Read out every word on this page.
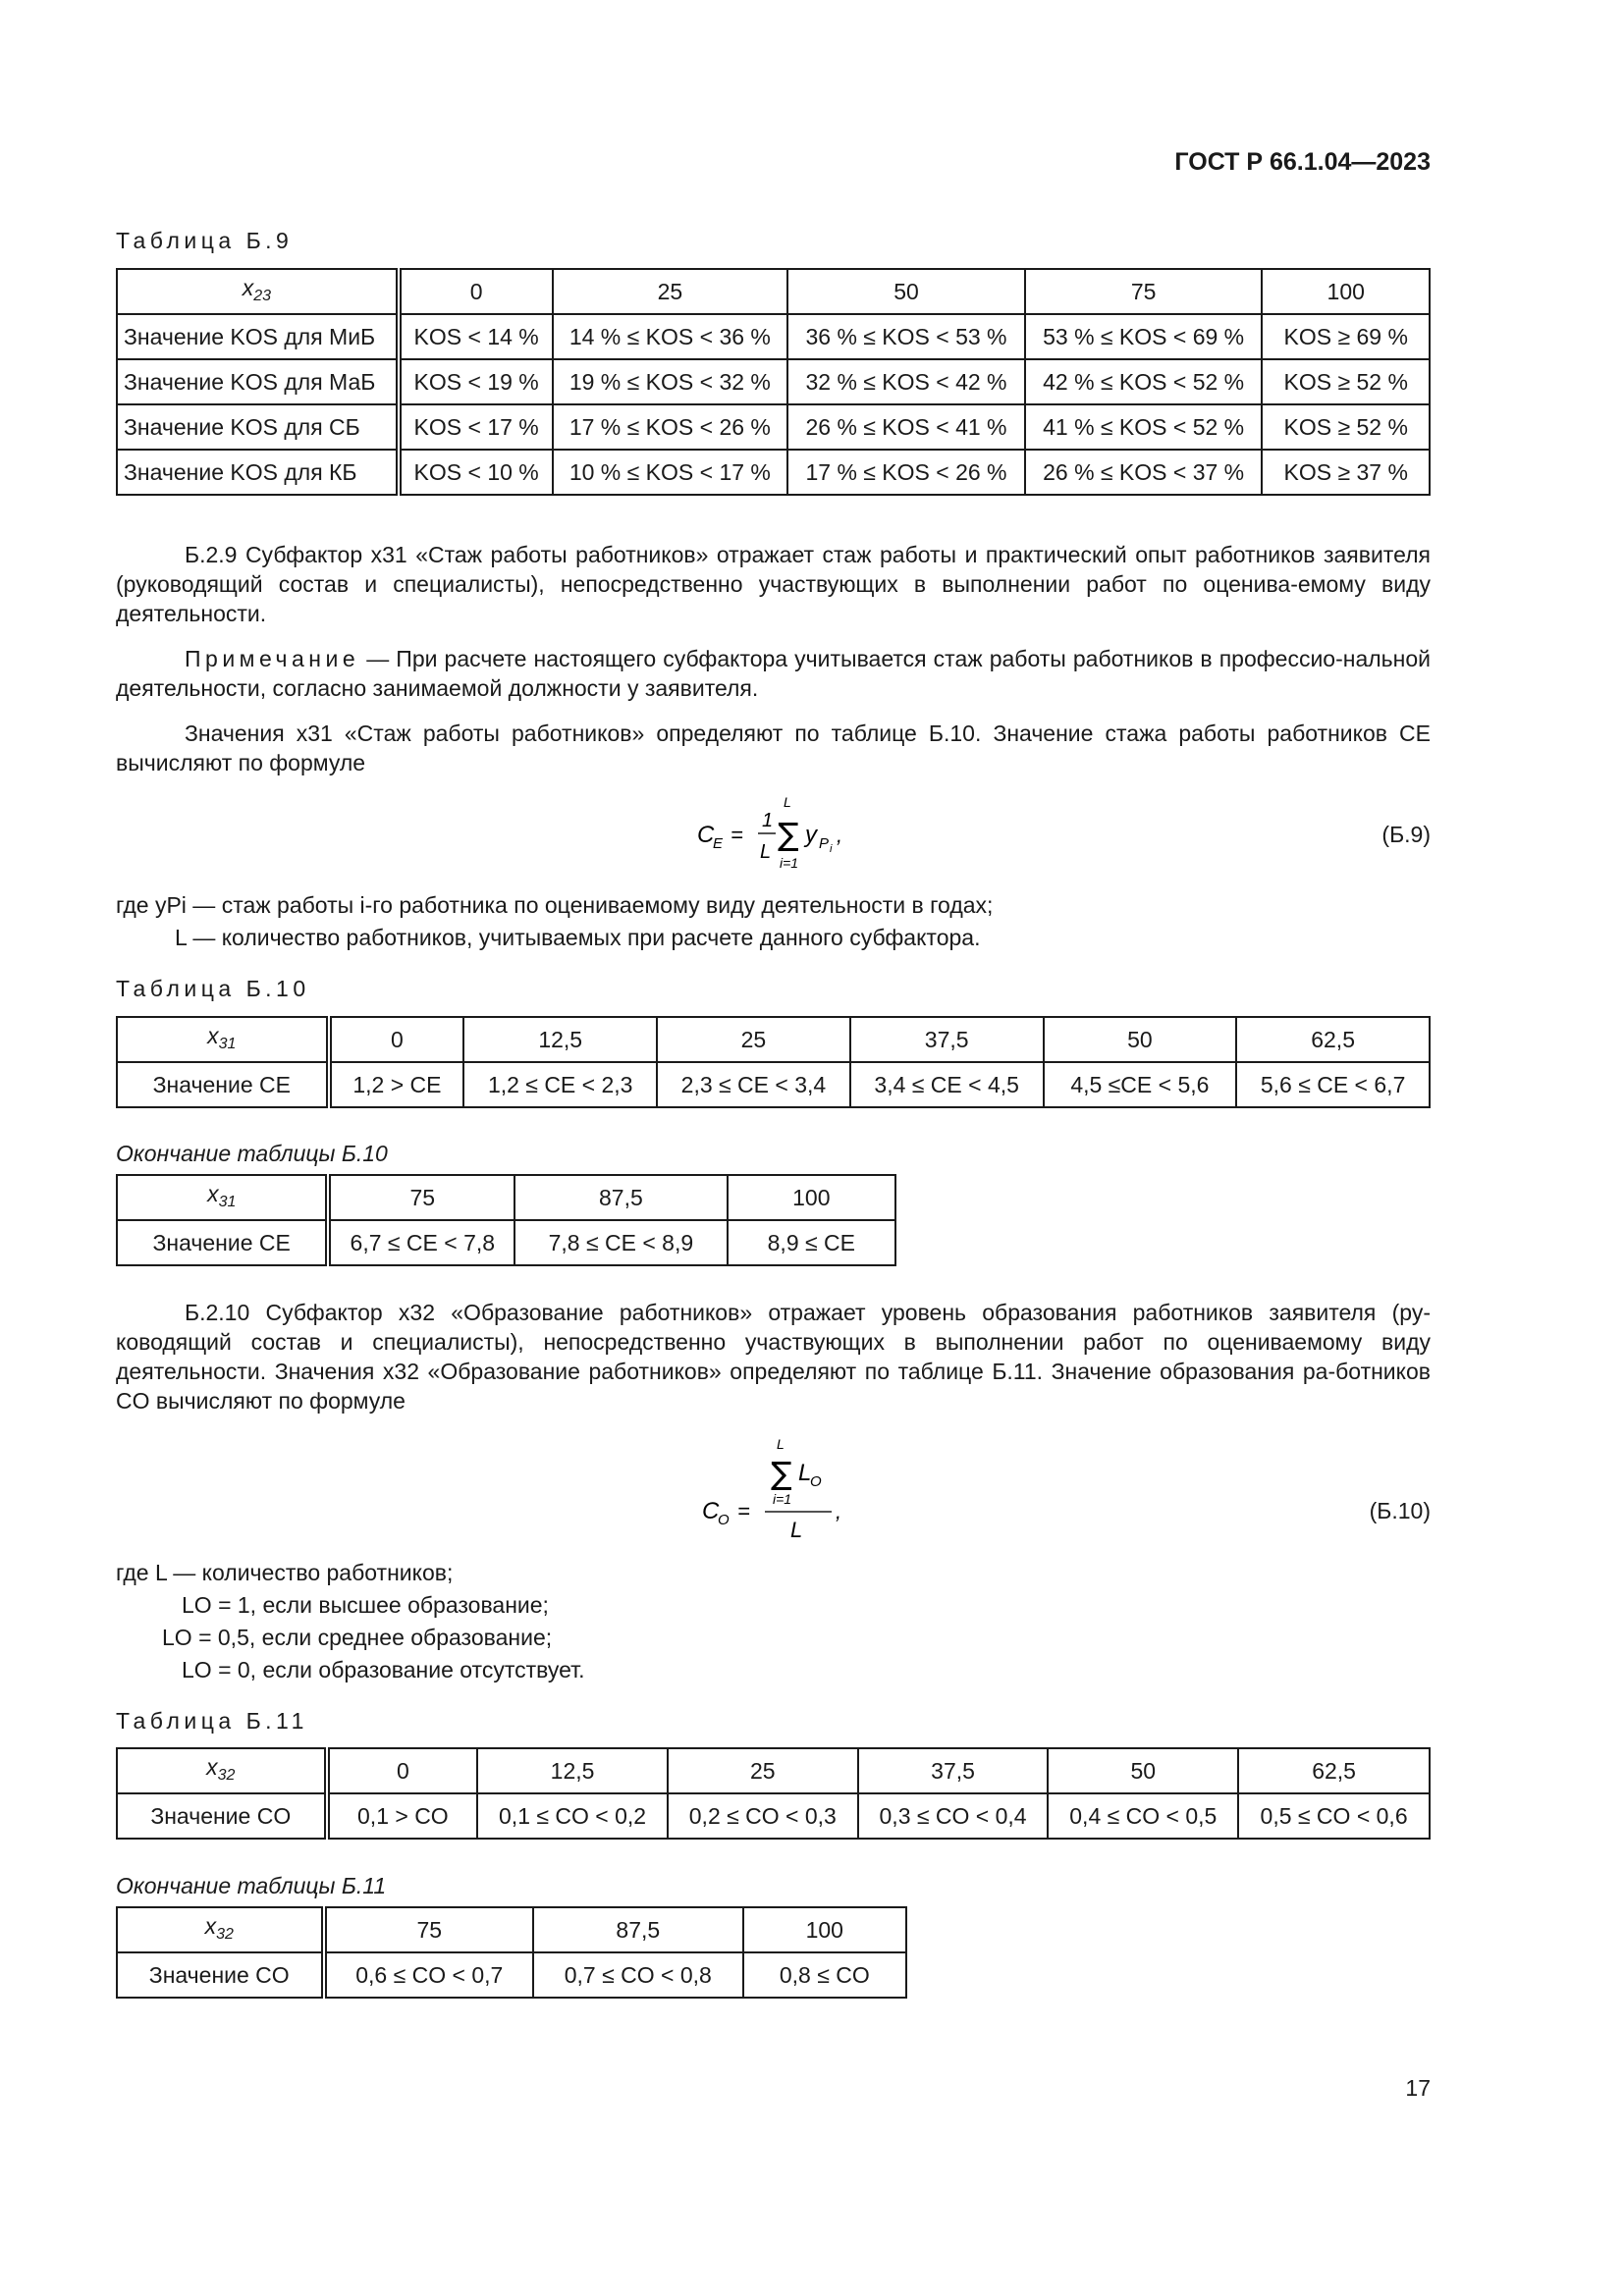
ГОСТ Р 66.1.04—2023
Таблица Б.9
$x_{23}$	0	25	50	75	100
Значение KOS для МиБ	KOS < 14 %	14 % ≤ KOS < 36 %	36 % ≤ KOS < 53 %	53 % ≤ KOS < 69 %	KOS ≥ 69 %
Значение KOS для МаБ	KOS < 19 %	19 % ≤ KOS < 32 %	32 % ≤ KOS < 42 %	42 % ≤ KOS < 52 %	KOS ≥ 52 %
Значение KOS для СБ	KOS < 17 %	17 % ≤ KOS < 26 %	26 % ≤ KOS < 41 %	41 % ≤ KOS < 52 %	KOS ≥ 52 %
Значение KOS для КБ	KOS < 10 %	10 % ≤ KOS < 17 %	17 % ≤ KOS < 26 %	26 % ≤ KOS < 37 %	KOS ≥ 37 %
Б.2.9 Субфактор x31 «Стаж работы работников» отражает стаж работы и практический опыт работников заявителя (руководящий состав и специалисты), непосредственно участвующих в выполнении работ по оценива-емому виду деятельности.
Примечание — При расчете настоящего субфактора учитывается стаж работы работников в профессио-нальной деятельности, согласно занимаемой должности у заявителя.
Значения x31 «Стаж работы работников» определяют по таблице Б.10. Значение стажа работы работников CE вычисляют по формуле
C
E =
1
L
L
∑
i=1
y P i
,	(Б.9)
где yPi — стаж работы i-го работника по оцениваемому виду деятельности в годах;
L — количество работников, учитываемых при расчете данного субфактора.
Таблица Б.10
$x_{31}$	0	12,5	25	37,5	50	62,5
Значение CE	1,2 > CE	1,2 ≤ CE < 2,3	2,3 ≤ CE < 3,4	3,4 ≤ CE < 4,5	4,5 ≤CE < 5,6	5,6 ≤ CE < 6,7
Окончание таблицы Б.10
$x_{31}$	75	87,5	100
Значение CE	6,7 ≤ CE < 7,8	7,8 ≤ CE < 8,9	8,9 ≤ CE
Б.2.10 Субфактор x32 «Образование работников» отражает уровень образования работников заявителя (ру-ководящий состав и специалисты), непосредственно участвующих в выполнении работ по оцениваемому виду деятельности. Значения x32 «Образование работников» определяют по таблице Б.11. Значение образования ра-ботников CO вычисляют по формуле
L
∑ L
O
i=1
C
O =
L
,	(Б.10)
где L — количество работников;
LO = 1, если высшее образование;
LO = 0,5, если среднее образование;
LO = 0, если образование отсутствует.
Таблица Б.11
$x_{32}$	0	12,5	25	37,5	50	62,5
Значение CO	0,1 > CO	0,1 ≤ CO < 0,2	0,2 ≤ CO < 0,3	0,3 ≤ CO < 0,4	0,4 ≤ CO < 0,5	0,5 ≤ CO < 0,6
Окончание таблицы Б.11
$x_{32}$	75	87,5	100
Значение CO	0,6 ≤ CO < 0,7	0,7 ≤ CO < 0,8	0,8 ≤ CO
17
